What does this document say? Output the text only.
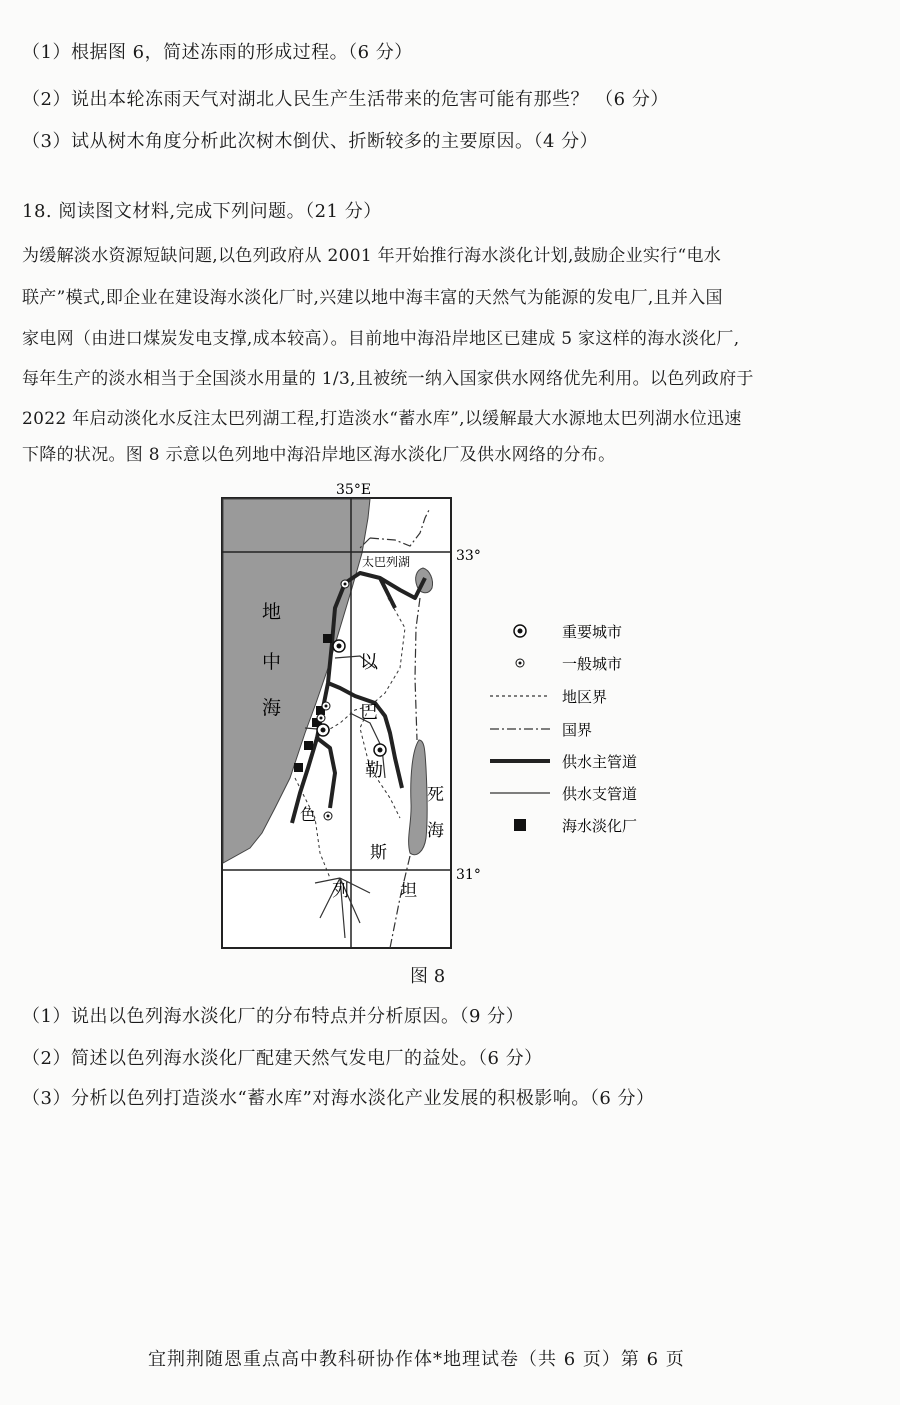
（1）根据图 6，简述冻雨的形成过程。（6 分）
（2）说出本轮冻雨天气对湖北人民生产生活带来的危害可能有那些？ （6 分）
（3）试从树木角度分析此次树木倒伏、折断较多的主要原因。（4 分）
18. 阅读图文材料,完成下列问题。（21 分）
为缓解淡水资源短缺问题,以色列政府从 2001 年开始推行海水淡化计划,鼓励企业实行“电水
联产”模式,即企业在建设海水淡化厂时,兴建以地中海丰富的天然气为能源的发电厂,且并入国
家电网（由进口煤炭发电支撑,成本较高）。目前地中海沿岸地区已建成 5 家这样的海水淡化厂,
每年生产的淡水相当于全国淡水用量的 1/3,且被统一纳入国家供水网络优先利用。以色列政府于
2022 年启动淡化水反注太巴列湖工程,打造淡水“蓄水库”,以缓解最大水源地太巴列湖水位迅速
下降的状况。图 8 示意以色列地中海沿岸地区海水淡化厂及供水网络的分布。
35°E
33°
31°
太巴列湖
地
中
海
以
色
列
巴
勒
斯
坦
死
海
重要城市
一般城市
地区界
国界
供水主管道
供水支管道
海水淡化厂
图 8
（1）说出以色列海水淡化厂的分布特点并分析原因。（9 分）
（2）简述以色列海水淡化厂配建天然气发电厂的益处。（6 分）
（3）分析以色列打造淡水“蓄水库”对海水淡化产业发展的积极影响。（6 分）
宜荆荆随恩重点高中教科研协作体*地理试卷（共 6 页）第 6 页
